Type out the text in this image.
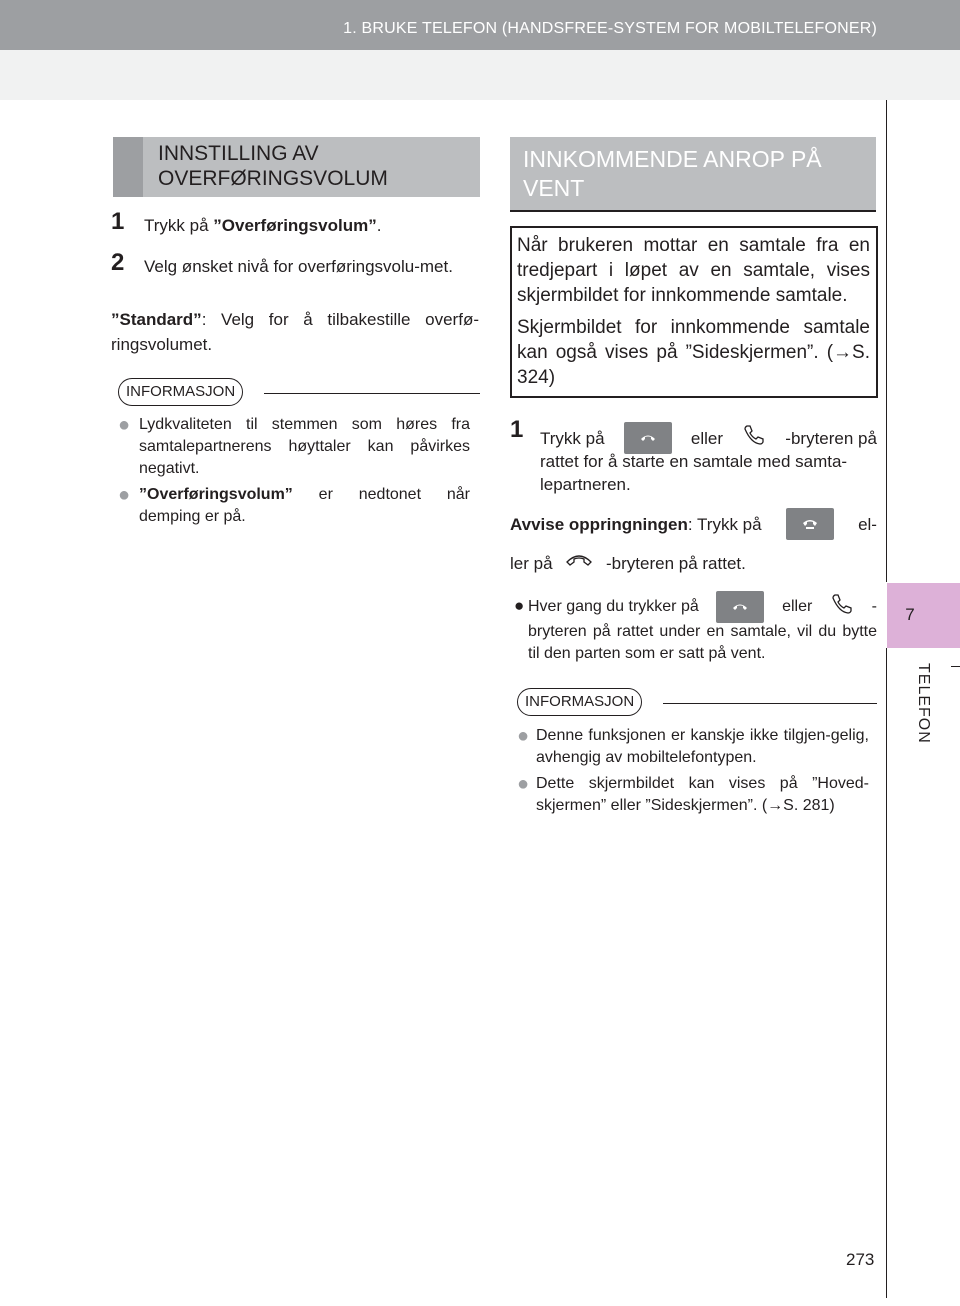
1. BRUKE TELEFON (HANDSFREE-SYSTEM FOR MOBILTELEFONER)
7
TELEFON
INNSTILLING AV
OVERFØRINGSVOLUM
1 Trykk på ”Overføringsvolum”.
2 Velg ønsket nivå for overføringsvolu-met.
”Standard”: Velg for å tilbakestille overfø-ringsvolumet.
INFORMASJON
● Lydkvaliteten til stemmen som høres fra samtalepartnerens høyttaler kan påvirkes negativt.
● ”Overføringsvolum” er nedtonet når demping er på.
INNKOMMENDE ANROP PÅ
VENT

Når brukeren mottar en samtale fra en tredjepart i løpet av en samtale, vises skjermbildet for innkommende samtale.

Skjermbildet for innkommende samtale kan også vises på ”Sideskjermen”. (→S. 324)

1 Trykk på	eller	-bryteren på
rattet for å starte en samtale med samta-
lepartneren.
Avvise oppringningen: Trykk på	el-
ler på	-bryteren på rattet.
● Hver gang du trykker på	eller	-
bryteren på rattet under en samtale, vil du bytte til den parten som er satt på vent.
INFORMASJON
● Denne funksjonen er kanskje ikke tilgjen-gelig, avhengig av mobiltelefontypen.
● Dette skjermbildet kan vises på ”Hoved-skjermen” eller ”Sideskjermen”. (→S. 281)
273
